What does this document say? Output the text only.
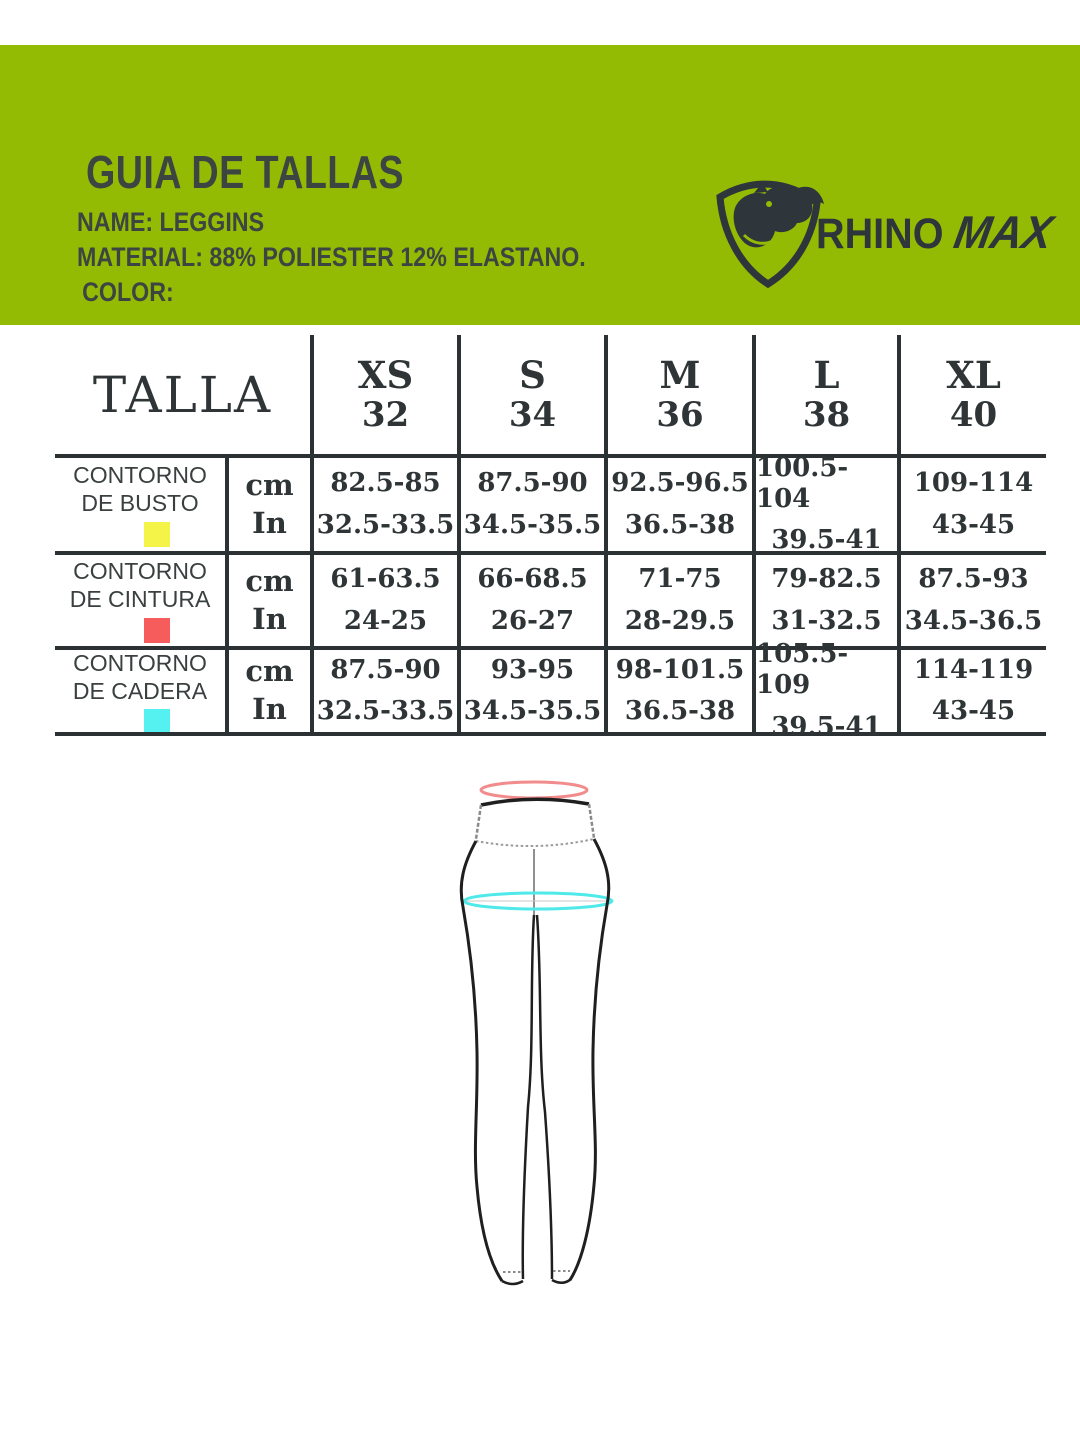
GUIA DE TALLAS
NAME: LEGGINS
MATERIAL: 88% POLIESTER 12% ELASTANO.
COLOR:
RHINO MAX
TALLA	XS
32
S
34
M
36
L
38
XL
40
CONTORNO
DE BUSTO
cm
In
82.5-85
32.5-33.5
87.5-90
34.5-35.5
92.5-96.5
36.5-38
100.5-104
39.5-41
109-114
43-45
CONTORNO
DE CINTURA
cm
In
61-63.5
24-25
66-68.5
26-27
71-75
28-29.5
79-82.5
31-32.5
87.5-93
34.5-36.5
CONTORNO
DE CADERA
cm
In
87.5-90
32.5-33.5
93-95
34.5-35.5
98-101.5
36.5-38
105.5-109
39.5-41
114-119
43-45
